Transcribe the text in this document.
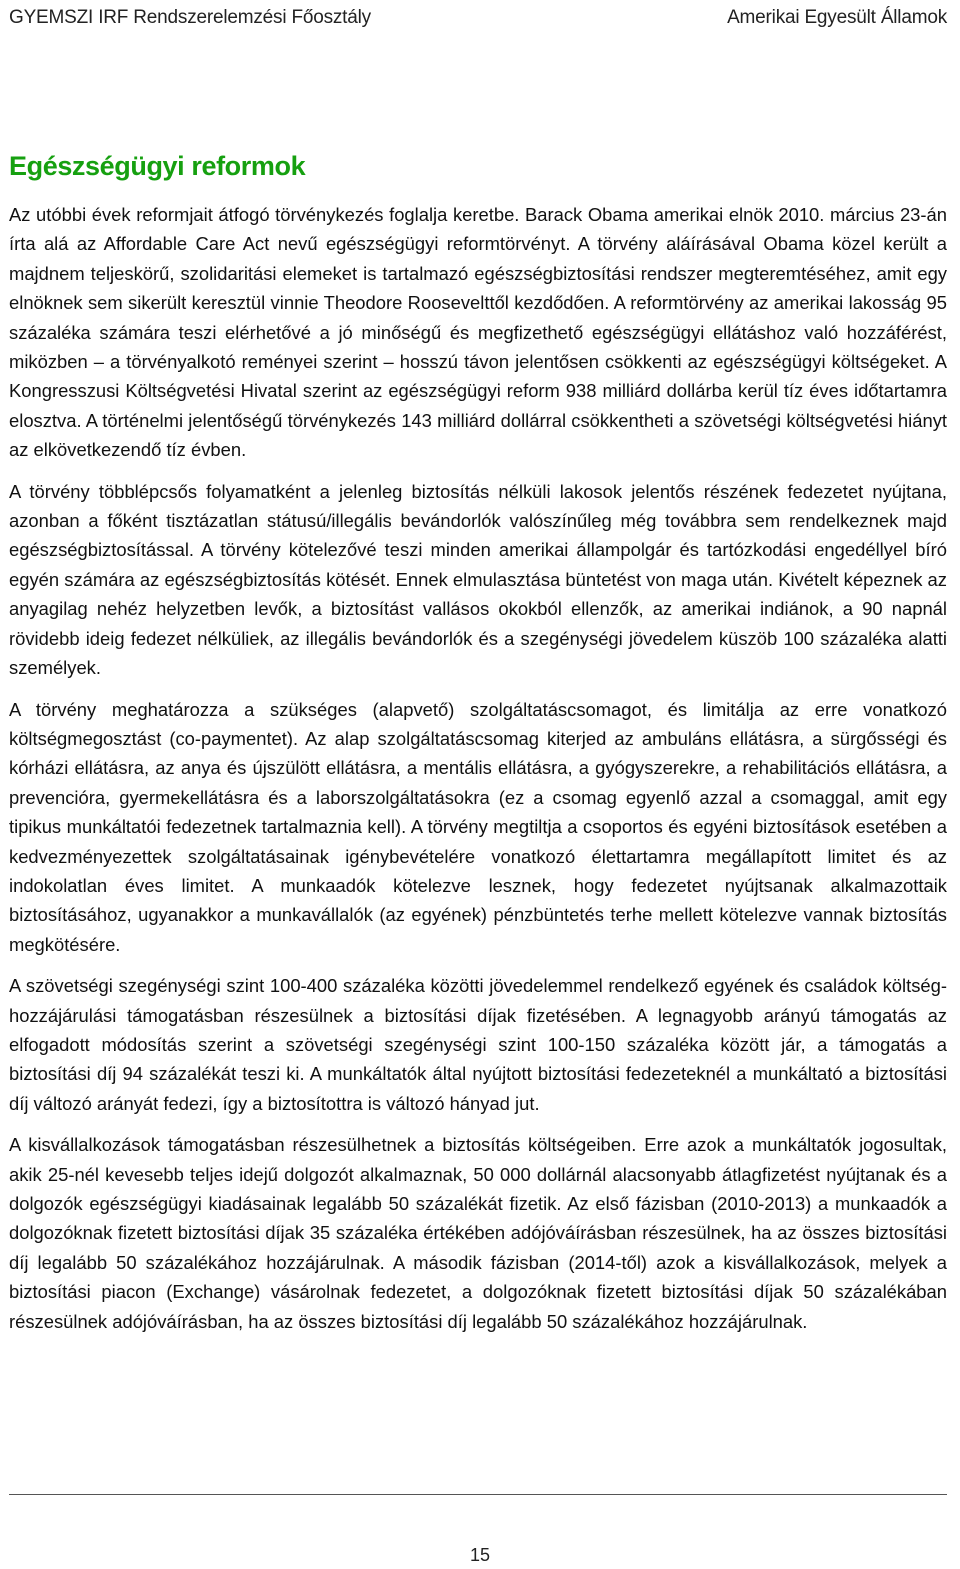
GYEMSZI IRF Rendszerelemzési Főosztály	Amerikai Egyesült Államok
Egészségügyi reformok

Az utóbbi évek reformjait átfogó törvénykezés foglalja keretbe. Barack Obama amerikai elnök 2010. március 23-án írta alá az Affordable Care Act nevű egészségügyi reformtörvényt. A törvény aláírásával Obama közel került a majdnem teljeskörű, szolidaritási elemeket is tartalmazó egészségbiztosítási rendszer megteremtéséhez, amit egy elnöknek sem sikerült keresztül vinnie Theodore Roosevelttől kezdődően. A reformtörvény az amerikai lakosság 95 százaléka számára teszi elérhetővé a jó minőségű és megfizethető egészségügyi ellátáshoz való hozzáférést, miközben – a törvényalkotó reményei szerint – hosszú távon jelentősen csökkenti az egészségügyi költségeket. A Kongresszusi Költségvetési Hivatal szerint az egészségügyi reform 938 milliárd dollárba kerül tíz éves időtartamra elosztva. A történelmi jelentőségű törvénykezés 143 milliárd dollárral csökkentheti a szövetségi költségvetési hiányt az elkövetkezendő tíz évben.

A törvény többlépcsős folyamatként a jelenleg biztosítás nélküli lakosok jelentős részének fedezetet nyújtana, azonban a főként tisztázatlan státusú/illegális bevándorlók valószínűleg még továbbra sem rendelkeznek majd egészségbiztosítással. A törvény kötelezővé teszi minden amerikai állampolgár és tartózkodási engedéllyel bíró egyén számára az egészségbiztosítás kötését. Ennek elmulasztása büntetést von maga után. Kivételt képeznek az anyagilag nehéz helyzetben levők, a biztosítást vallásos okokból ellenzők, az amerikai indiánok, a 90 napnál rövidebb ideig fedezet nélküliek, az illegális bevándorlók és a szegénységi jövedelem küszöb 100 százaléka alatti személyek.

A törvény meghatározza a szükséges (alapvető) szolgáltatáscsomagot, és limitálja az erre vonatkozó költségmegosztást (co-paymentet). Az alap szolgáltatáscsomag kiterjed az ambuláns ellátásra, a sürgősségi és kórházi ellátásra, az anya és újszülött ellátásra, a mentális ellátásra, a gyógyszerekre, a rehabilitációs ellátásra, a prevencióra, gyermekellátásra és a laborszolgáltatásokra (ez a csomag egyenlő azzal a csomaggal, amit egy tipikus munkáltatói fedezetnek tartalmaznia kell). A törvény megtiltja a csoportos és egyéni biztosítások esetében a kedvezményezettek szolgáltatásainak igénybevételére vonatkozó élettartamra megállapított limitet és az indokolatlan éves limitet. A munkaadók kötelezve lesznek, hogy fedezetet nyújtsanak alkalmazottaik biztosításához, ugyanakkor a munkavállalók (az egyének) pénzbüntetés terhe mellett kötelezve vannak biztosítás megkötésére.

A szövetségi szegénységi szint 100-400 százaléka közötti jövedelemmel rendelkező egyének és családok költség-hozzájárulási támogatásban részesülnek a biztosítási díjak fizetésében. A legnagyobb arányú támogatás az elfogadott módosítás szerint a szövetségi szegénységi szint 100-150 százaléka között jár, a támogatás a biztosítási díj 94 százalékát teszi ki. A munkáltatók által nyújtott biztosítási fedezeteknél a munkáltató a biztosítási díj változó arányát fedezi, így a biztosítottra is változó hányad jut.

A kisvállalkozások támogatásban részesülhetnek a biztosítás költségeiben. Erre azok a munkáltatók jogosultak, akik 25-nél kevesebb teljes idejű dolgozót alkalmaznak, 50 000 dollárnál alacsonyabb átlagfizetést nyújtanak és a dolgozók egészségügyi kiadásainak legalább 50 százalékát fizetik. Az első fázisban (2010-2013) a munkaadók a dolgozóknak fizetett biztosítási díjak 35 százaléka értékében adójóváírásban részesülnek, ha az összes biztosítási díj legalább 50 százalékához hozzájárulnak. A második fázisban (2014-től) azok a kisvállalkozások, melyek a biztosítási piacon (Exchange) vásárolnak fedezetet, a dolgozóknak fizetett biztosítási díjak 50 százalékában részesülnek adójóváírásban, ha az összes biztosítási díj legalább 50 százalékához hozzájárulnak.

15
